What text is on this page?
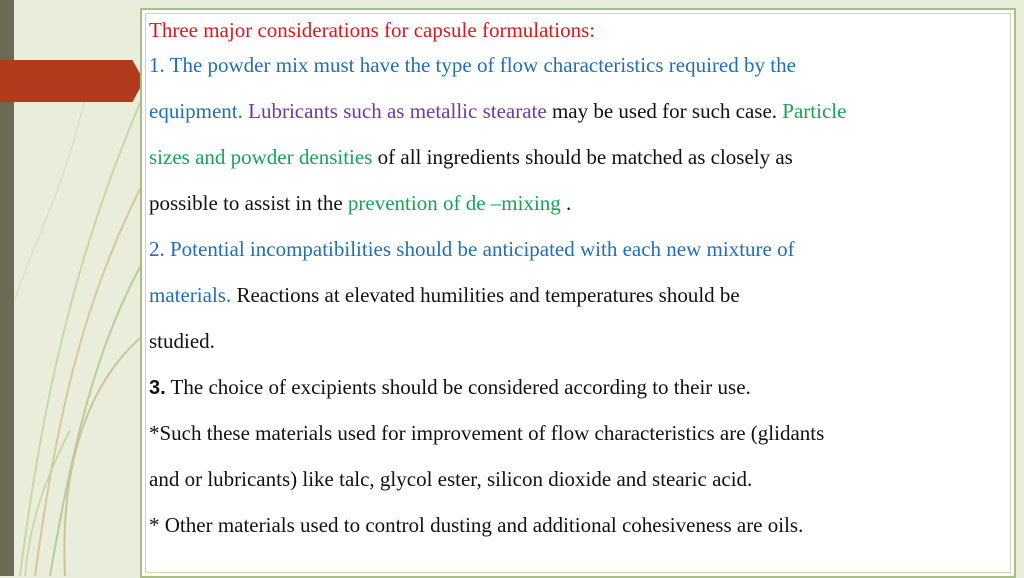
Three major considerations for capsule formulations:
1. The powder mix must have the type of flow characteristics required by the
equipment. Lubricants such as metallic stearate may be used for such case. Particle
sizes and powder densities of all ingredients should be matched as closely as
possible to assist in the prevention of de –mixing .
2. Potential incompatibilities should be anticipated with each new mixture of
materials. Reactions at elevated humilities and temperatures should be
studied.
3. The choice of excipients should be considered according to their use.
*Such these materials used for improvement of flow characteristics are (glidants
and or lubricants) like talc, glycol ester, silicon dioxide and stearic acid.
* Other materials used to control dusting and additional cohesiveness are oils.
